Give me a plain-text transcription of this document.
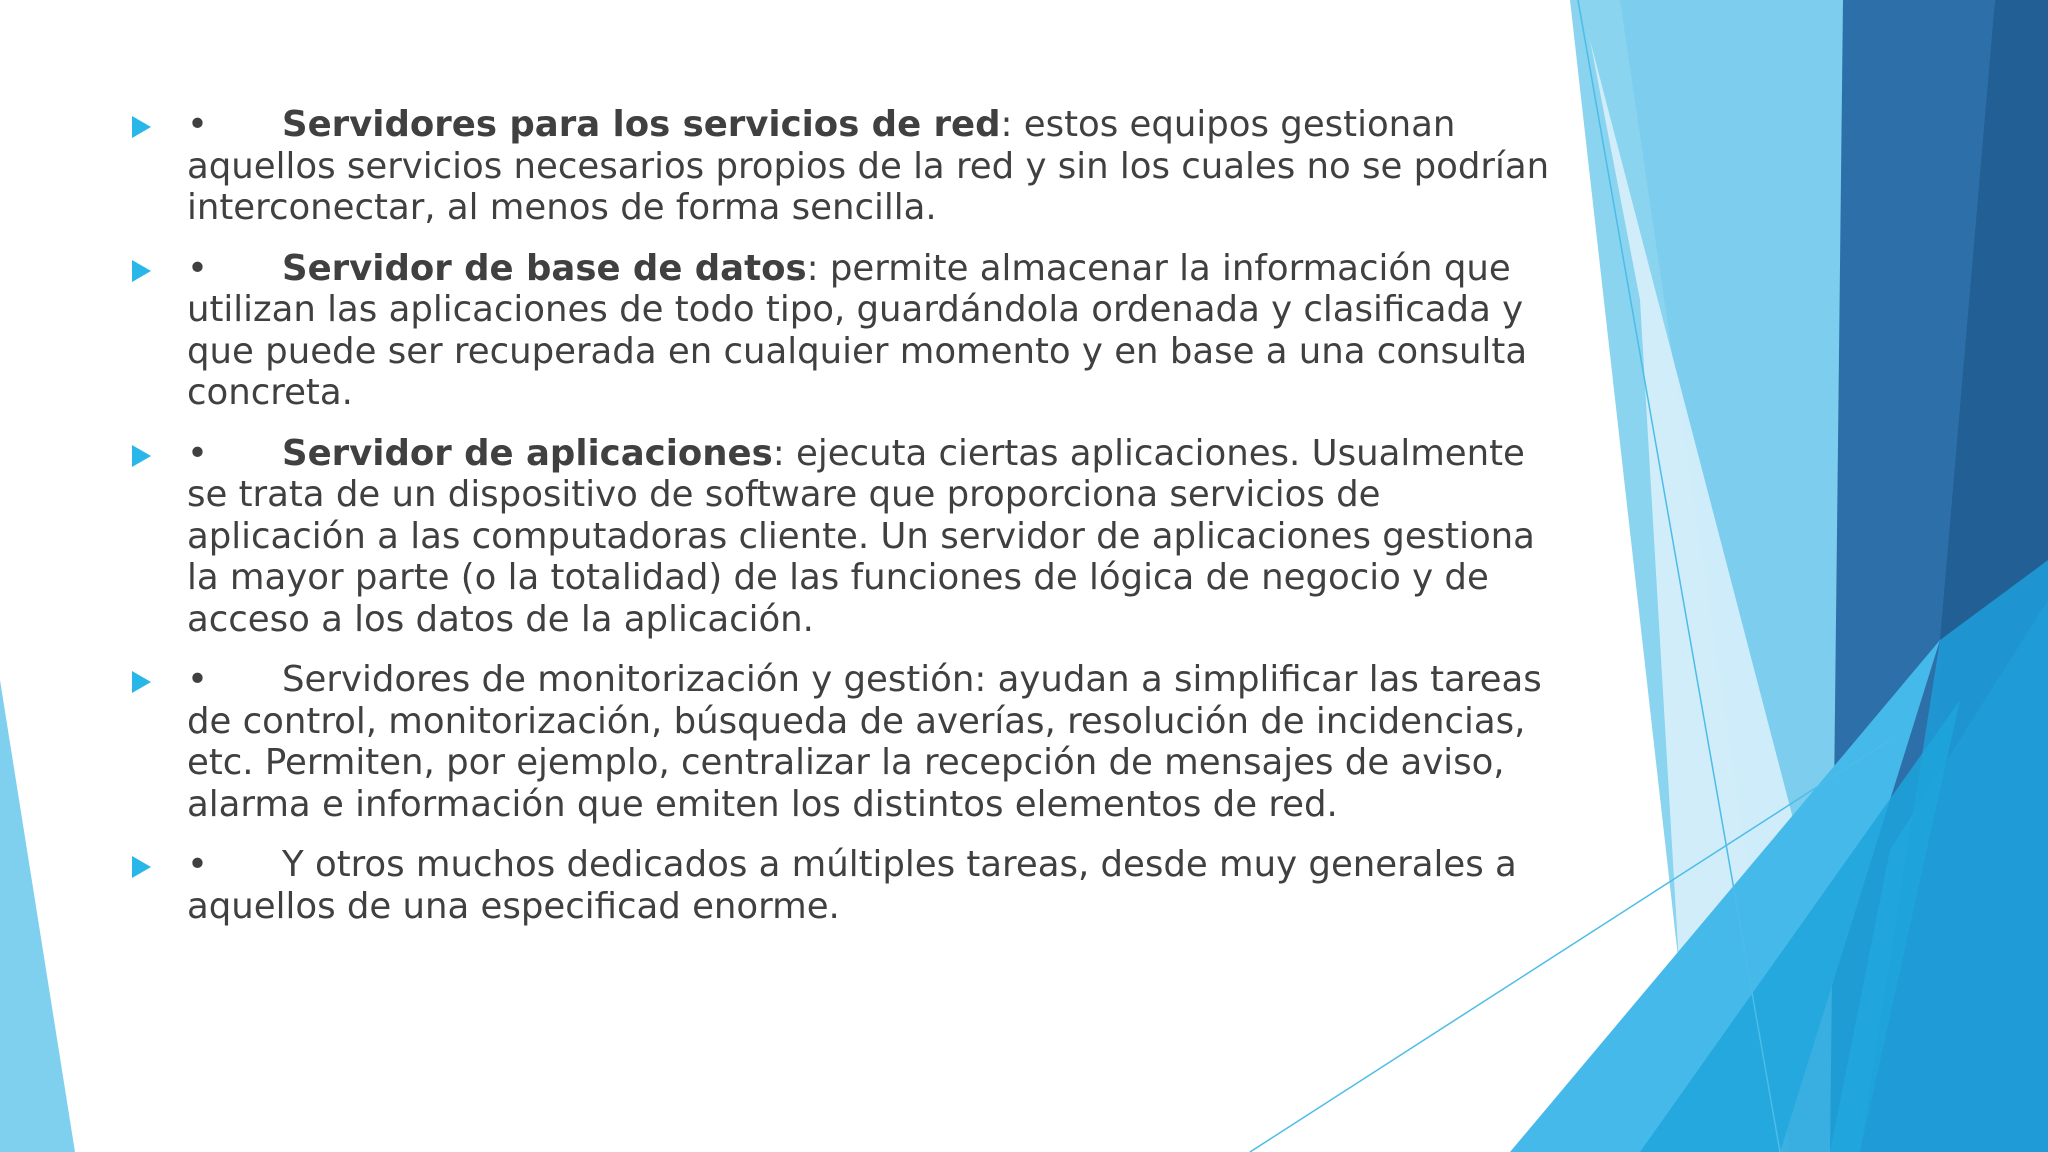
• Servidores para los servicios de red: estos equipos gestionan aquellos servicios necesarios propios de la red y sin los cuales no se podrían interconectar, al menos de forma sencilla.

• Servidor de base de datos: permite almacenar la información que utilizan las aplicaciones de todo tipo, guardándola ordenada y clasificada y que puede ser recuperada en cualquier momento y en base a una consulta concreta.

• Servidor de aplicaciones: ejecuta ciertas aplicaciones. Usualmente se trata de un dispositivo de software que proporciona servicios de aplicación a las computadoras cliente. Un servidor de aplicaciones gestiona la mayor parte (o la totalidad) de las funciones de lógica de negocio y de acceso a los datos de la aplicación.

• Servidores de monitorización y gestión: ayudan a simplificar las tareas de control, monitorización, búsqueda de averías, resolución de incidencias, etc. Permiten, por ejemplo, centralizar la recepción de mensajes de aviso, alarma e información que emiten los distintos elementos de red.

• Y otros muchos dedicados a múltiples tareas, desde muy generales a aquellos de una especificad enorme.
